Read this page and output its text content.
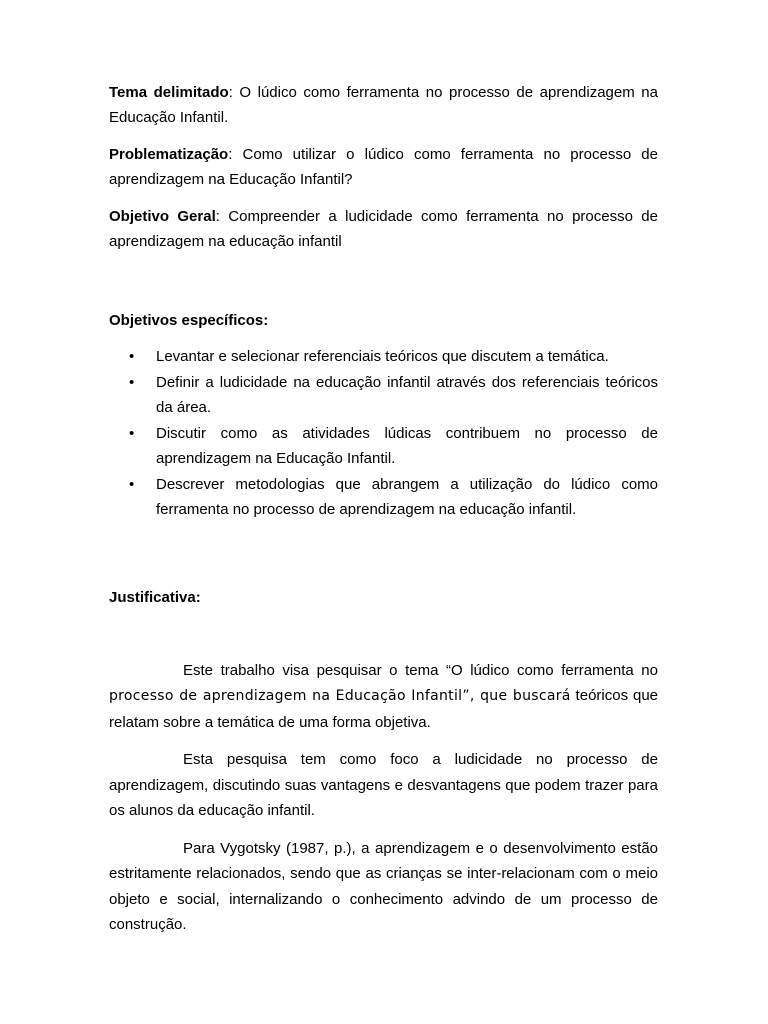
Tema delimitado: O lúdico como ferramenta no processo de aprendizagem na Educação Infantil.

Problematização: Como utilizar o lúdico como ferramenta no processo de aprendizagem na Educação Infantil?

Objetivo Geral: Compreender a ludicidade como ferramenta no processo de aprendizagem na educação infantil

Objetivos específicos:

• Levantar e selecionar referenciais teóricos que discutem a temática.
• Definir a ludicidade na educação infantil através dos referenciais teóricos da área.
• Discutir como as atividades lúdicas contribuem no processo de aprendizagem na Educação Infantil.
• Descrever metodologias que abrangem a utilização do lúdico como ferramenta no processo de aprendizagem na educação infantil.

Justificativa:

Este trabalho visa pesquisar o tema “O lúdico como ferramenta no processo de aprendizagem na Educação Infantil”, que buscará teóricos que relatam sobre a temática de uma forma objetiva.

Esta pesquisa tem como foco a ludicidade no processo de aprendizagem, discutindo suas vantagens e desvantagens que podem trazer para os alunos da educação infantil.

Para Vygotsky (1987, p.), a aprendizagem e o desenvolvimento estão estritamente relacionados, sendo que as crianças se inter-relacionam com o meio objeto e social, internalizando o conhecimento advindo de um processo de construção.
